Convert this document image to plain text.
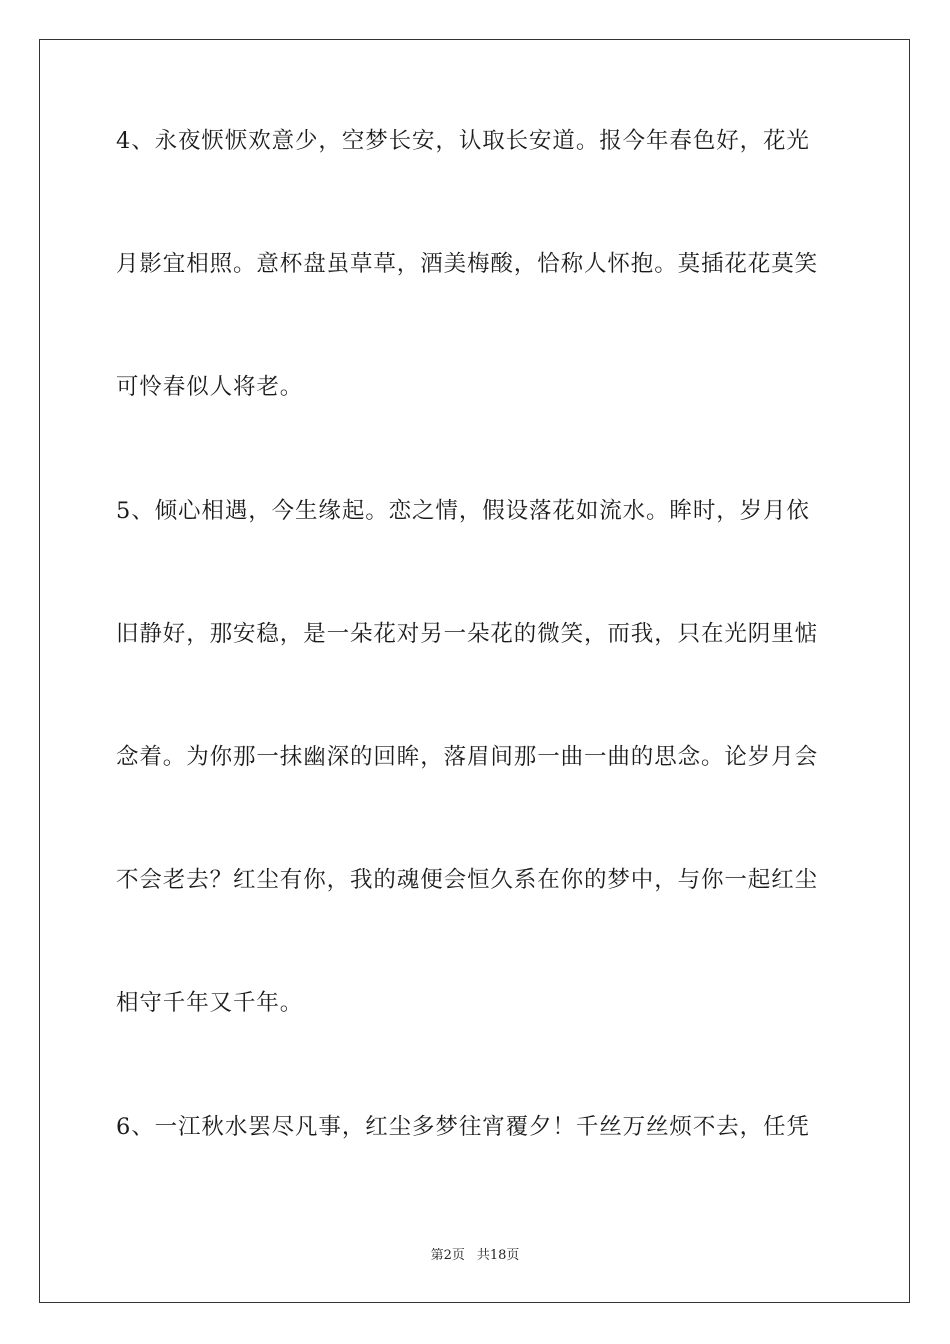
4、永夜恹恹欢意少，空梦长安，认取长安道。报今年春色好，花光
月影宜相照。意杯盘虽草草，酒美梅酸，恰称人怀抱。莫插花花莫笑
可怜春似人将老。
5、倾心相遇，今生缘起。恋之情，假设落花如流水。眸时，岁月依
旧静好，那安稳，是一朵花对另一朵花的微笑，而我，只在光阴里惦
念着。为你那一抹幽深的回眸，落眉间那一曲一曲的思念。论岁月会
不会老去？红尘有你，我的魂便会恒久系在你的梦中，与你一起红尘
相守千年又千年。
6、一江秋水罢尽凡事，红尘多梦往宵覆夕！千丝万丝烦不去，任凭
第2页 共18页
